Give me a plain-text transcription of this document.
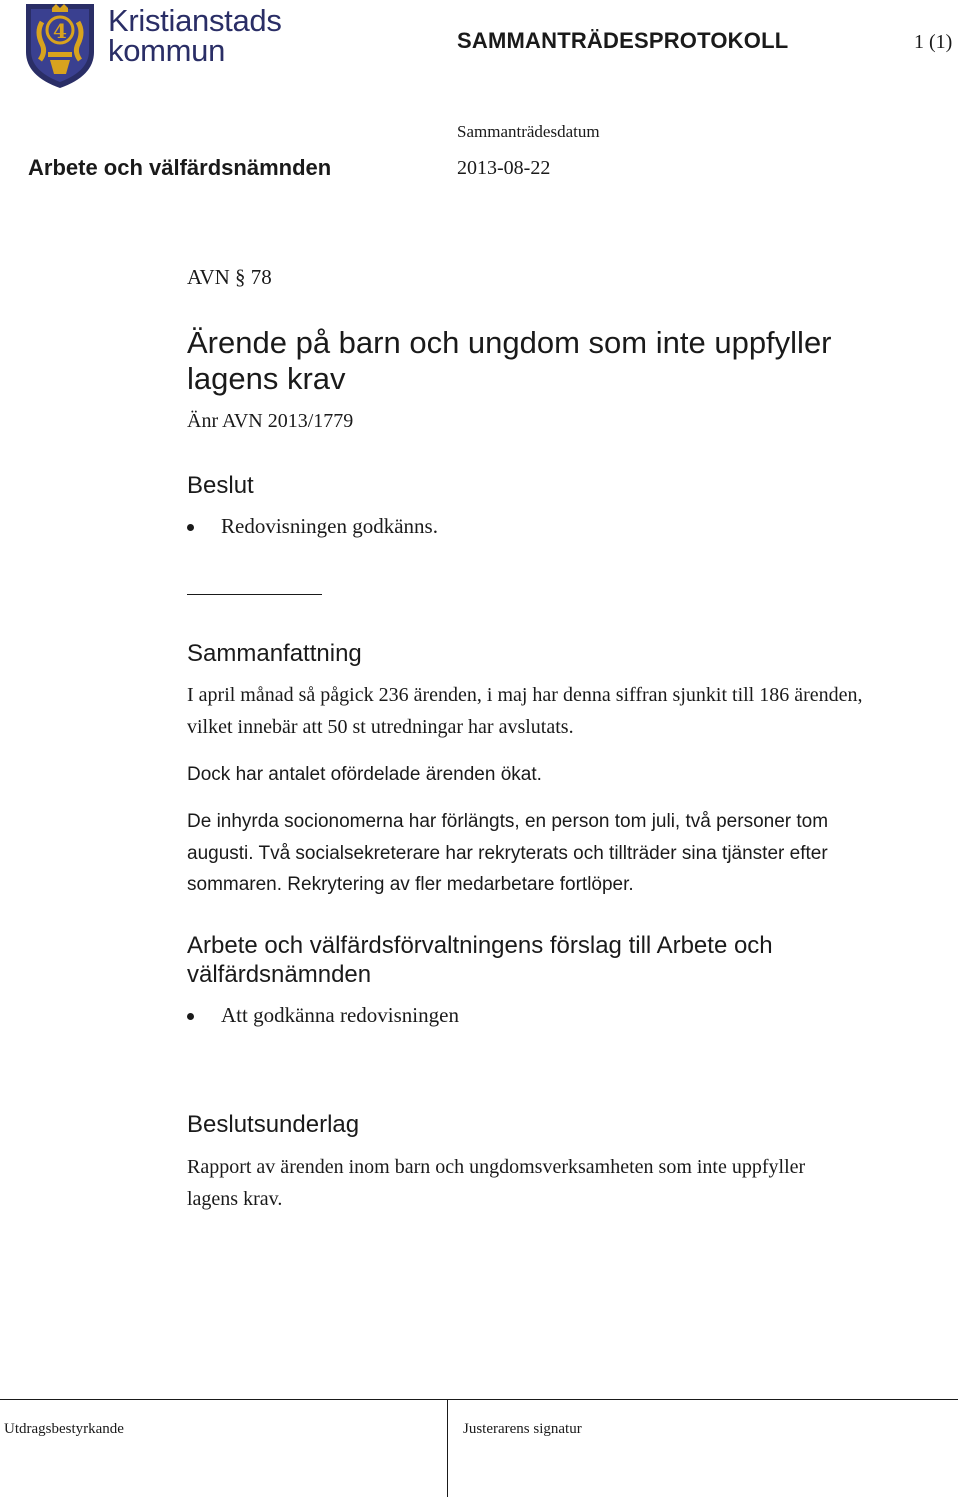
4 Kristianstads
kommun	SAMMANTRÄDESPROTOKOLL	1 (1)
Sammanträdesdatum
Arbete och välfärdsnämnden	2013-08-22
AVN § 78
Ärende på barn och ungdom som inte uppfyller lagens krav
Änr AVN 2013/1779
Beslut
Redovisningen godkänns.
Sammanfattning
I april månad så pågick 236 ärenden, i maj har denna siffran sjunkit till 186 ärenden, vilket innebär att 50 st utredningar har avslutats.
Dock har antalet ofördelade ärenden ökat.
De inhyrda socionomerna har förlängts, en person tom juli, två personer tom augusti. Två socialsekreterare har rekryterats och tillträder sina tjänster efter sommaren. Rekrytering av fler medarbetare fortlöper.
Arbete och välfärdsförvaltningens förslag till Arbete och välfärdsnämnden
Att godkänna redovisningen
Beslutsunderlag
Rapport av ärenden inom barn och ungdomsverksamheten som inte uppfyller lagens krav.
Utdragsbestyrkande	Justerarens signatur
